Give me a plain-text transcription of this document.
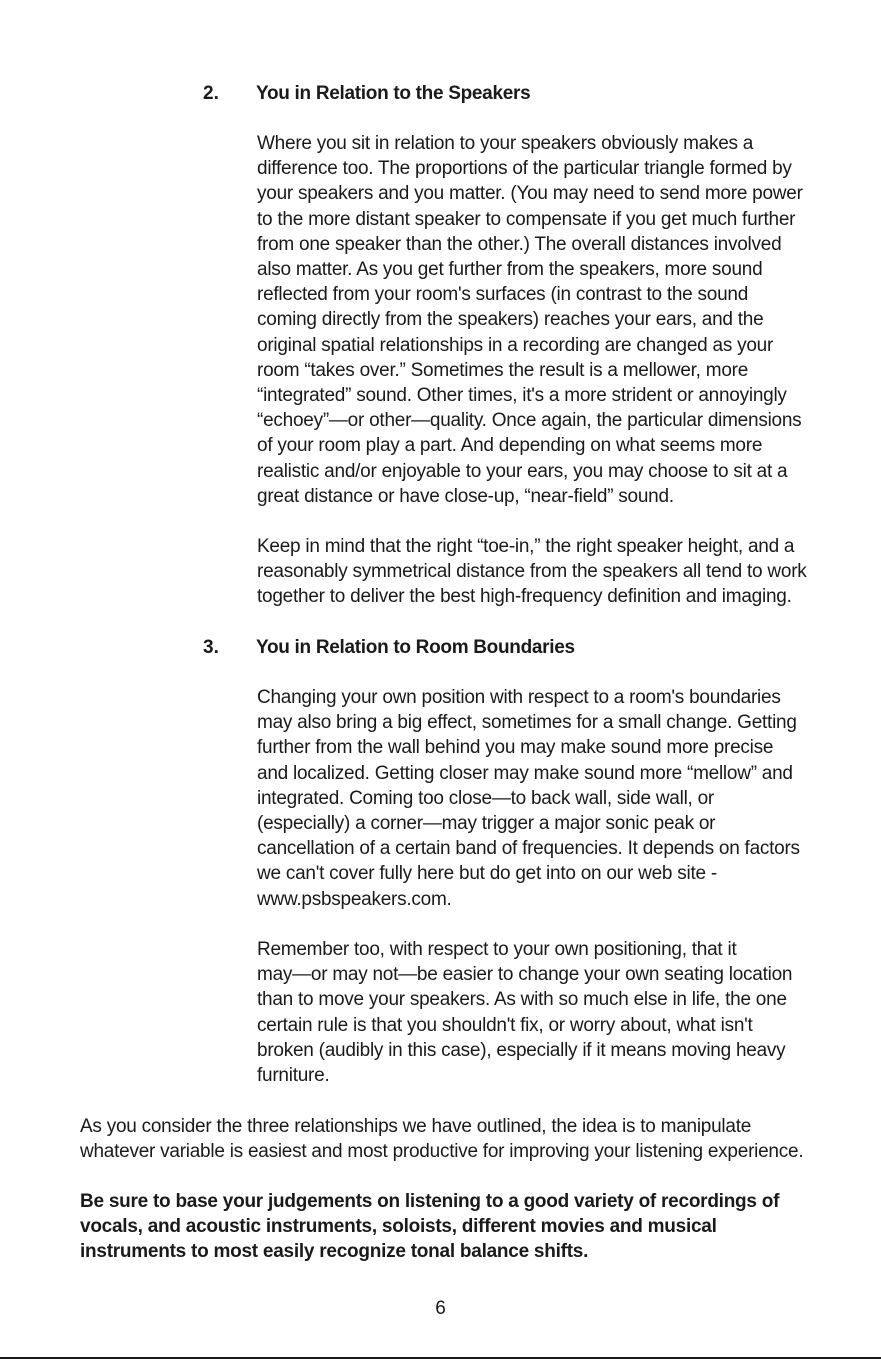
2. You in Relation to the Speakers
Where you sit in relation to your speakers obviously makes a
difference too. The proportions of the particular triangle formed by
your speakers and you matter. (You may need to send more power
to the more distant speaker to compensate if you get much further
from one speaker than the other.) The overall distances involved
also matter. As you get further from the speakers, more sound
reflected from your room's surfaces (in contrast to the sound
coming directly from the speakers) reaches your ears, and the
original spatial relationships in a recording are changed as your
room “takes over.” Sometimes the result is a mellower, more
“integrated” sound. Other times, it's a more strident or annoyingly
“echoey”—or other—quality. Once again, the particular dimensions
of your room play a part. And depending on what seems more
realistic and/or enjoyable to your ears, you may choose to sit at a
great distance or have close-up, “near-field” sound.
Keep in mind that the right “toe-in,” the right speaker height, and a
reasonably symmetrical distance from the speakers all tend to work
together to deliver the best high-frequency definition and imaging.
3. You in Relation to Room Boundaries
Changing your own position with respect to a room's boundaries
may also bring a big effect, sometimes for a small change. Getting
further from the wall behind you may make sound more precise
and localized. Getting closer may make sound more “mellow” and
integrated. Coming too close—to back wall, side wall, or
(especially) a corner—may trigger a major sonic peak or
cancellation of a certain band of frequencies. It depends on factors
we can't cover fully here but do get into on our web site -
www.psbspeakers.com.
Remember too, with respect to your own positioning, that it
may—or may not—be easier to change your own seating location
than to move your speakers. As with so much else in life, the one
certain rule is that you shouldn't fix, or worry about, what isn't
broken (audibly in this case), especially if it means moving heavy
furniture.
As you consider the three relationships we have outlined, the idea is to manipulate
whatever variable is easiest and most productive for improving your listening experience.
Be sure to base your judgements on listening to a good variety of recordings of
vocals, and acoustic instruments, soloists, different movies and musical
instruments to most easily recognize tonal balance shifts.
6
